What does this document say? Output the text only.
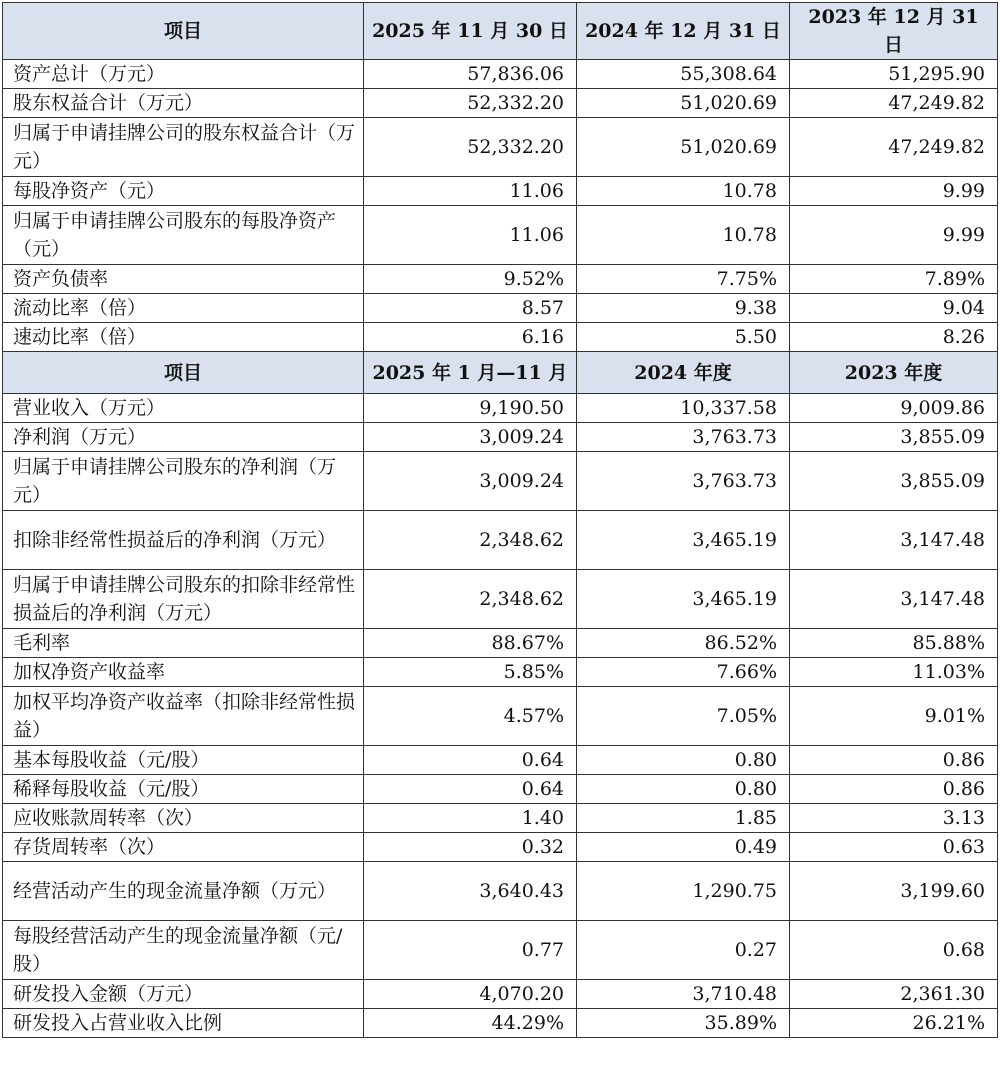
项目	2025 年 11 月 30 日	2024 年 12 月 31 日	2023 年 12 月 31 日
资产总计（万元）	57,836.06	55,308.64	51,295.90
股东权益合计（万元）	52,332.20	51,020.69	47,249.82
归属于申请挂牌公司的股东权益合计（万元）	52,332.20	51,020.69	47,249.82
每股净资产（元）	11.06	10.78	9.99
归属于申请挂牌公司股东的每股净资产（元）	11.06	10.78	9.99
资产负债率	9.52%	7.75%	7.89%
流动比率（倍）	8.57	9.38	9.04
速动比率（倍）	6.16	5.50	8.26
项目	2025 年 1 月—11 月	2024 年度	2023 年度
营业收入（万元）	9,190.50	10,337.58	9,009.86
净利润（万元）	3,009.24	3,763.73	3,855.09
归属于申请挂牌公司股东的净利润（万元）	3,009.24	3,763.73	3,855.09
扣除非经常性损益后的净利润（万元）	2,348.62	3,465.19	3,147.48
归属于申请挂牌公司股东的扣除非经常性损益后的净利润（万元）	2,348.62	3,465.19	3,147.48
毛利率	88.67%	86.52%	85.88%
加权净资产收益率	5.85%	7.66%	11.03%
加权平均净资产收益率（扣除非经常性损益）	4.57%	7.05%	9.01%
基本每股收益（元/股）	0.64	0.80	0.86
稀释每股收益（元/股）	0.64	0.80	0.86
应收账款周转率（次）	1.40	1.85	3.13
存货周转率（次）	0.32	0.49	0.63
经营活动产生的现金流量净额（万元）	3,640.43	1,290.75	3,199.60
每股经营活动产生的现金流量净额（元/股）	0.77	0.27	0.68
研发投入金额（万元）	4,070.20	3,710.48	2,361.30
研发投入占营业收入比例	44.29%	35.89%	26.21%
